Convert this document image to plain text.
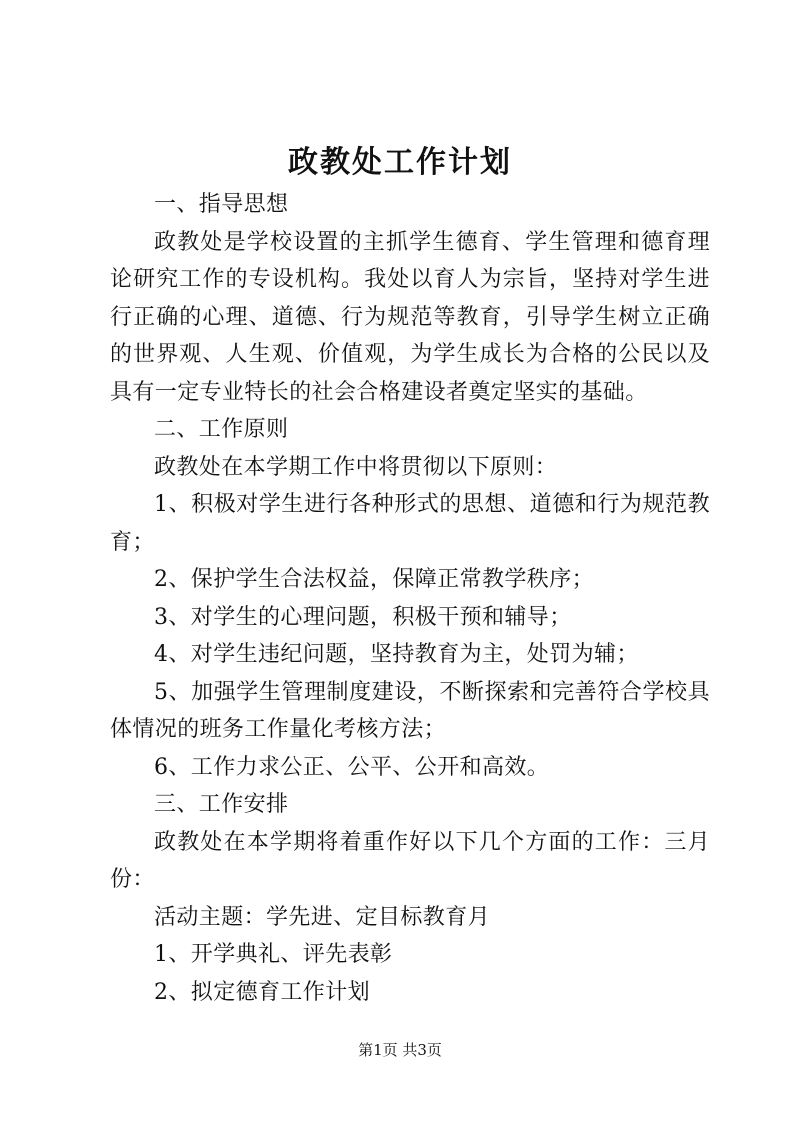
政教处工作计划

一、指导思想

政教处是学校设置的主抓学生德育、学生管理和德育理论研究工作的专设机构。我处以育人为宗旨，坚持对学生进行正确的心理、道德、行为规范等教育，引导学生树立正确的世界观、人生观、价值观，为学生成长为合格的公民以及具有一定专业特长的社会合格建设者奠定坚实的基础。

二、工作原则

政教处在本学期工作中将贯彻以下原则：

1、积极对学生进行各种形式的思想、道德和行为规范教育；

2、保护学生合法权益，保障正常教学秩序；

3、对学生的心理问题，积极干预和辅导；

4、对学生违纪问题，坚持教育为主，处罚为辅；

5、加强学生管理制度建设，不断探索和完善符合学校具体情况的班务工作量化考核方法；

6、工作力求公正、公平、公开和高效。

三、工作安排

政教处在本学期将着重作好以下几个方面的工作：三月份：

活动主题：学先进、定目标教育月

1、开学典礼、评先表彰

2、拟定德育工作计划

第1页 共3页
